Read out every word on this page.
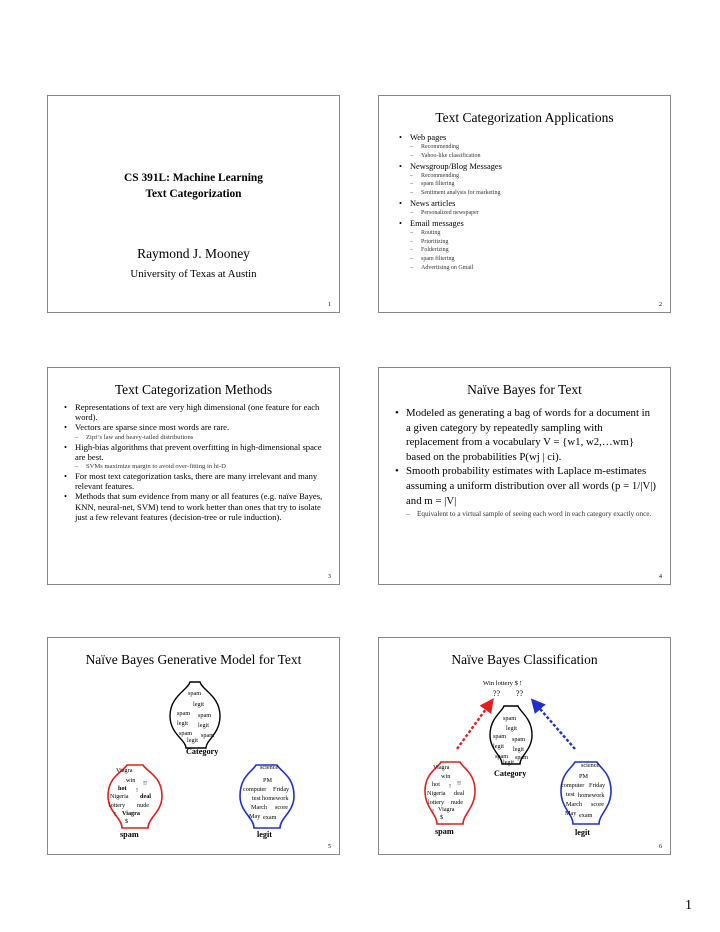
CS 391L: Machine Learning
Text Categorization
Raymond J. Mooney
University of Texas at Austin
1
Text Categorization Applications
• Web pages
– Recommending
– Yahoo-like classification
• Newsgroup/Blog Messages
– Recommending
– spam filtering
– Sentiment analysis for marketing
• News articles
– Personalized newspaper
• Email messages
– Routing
– Prioritizing
– Folderizing
– spam filtering
– Advertising on Gmail
2
Text Categorization Methods
• Representations of text are very high dimensional (one feature for each word).
• Vectors are sparse since most words are rare.
– Zipf’s law and heavy-tailed distributions
• High-bias algorithms that prevent overfitting in high-dimensional space are best.
– SVMs maximize margin to avoid over-fitting in hi-D
• For most text categorization tasks, there are many irrelevant and many relevant features.
• Methods that sum evidence from many or all features (e.g. naïve Bayes, KNN, neural-net, SVM) tend to work better than ones that try to isolate just a few relevant features (decision-tree or rule induction).
3
Naïve Bayes for Text
• Modeled as generating a bag of words for a document in a given category by repeatedly sampling with replacement from a vocabulary V = {w1, w2,…wm} based on the probabilities P(wj | ci).
• Smooth probability estimates with Laplace m-estimates assuming a uniform distribution over all words (p = 1/|V|) and m = |V|
– Equivalent to a virtual sample of seeing each word in each category exactly once.
4
Naïve Bayes Generative Model for Text
spam
legit
spam spam
legit legit
spam spam
legit
Category
Viagra
win
hot !
!!
Nigeria deal
lottery nude
! Viagra
$
spam
science
PM
computer Friday
test homework
March score
May exam
legit
5
Naïve Bayes Classification
Win lottery $ !
?? ??
spam
legit
spam spam
legit legit
spam spam
legit
Category
Viagra
win
hot ! !!
Nigeria deal
lottery nude
! Viagra
$
spam
science
PM
computer Friday
test homework
March score
May exam
legit
6
1
